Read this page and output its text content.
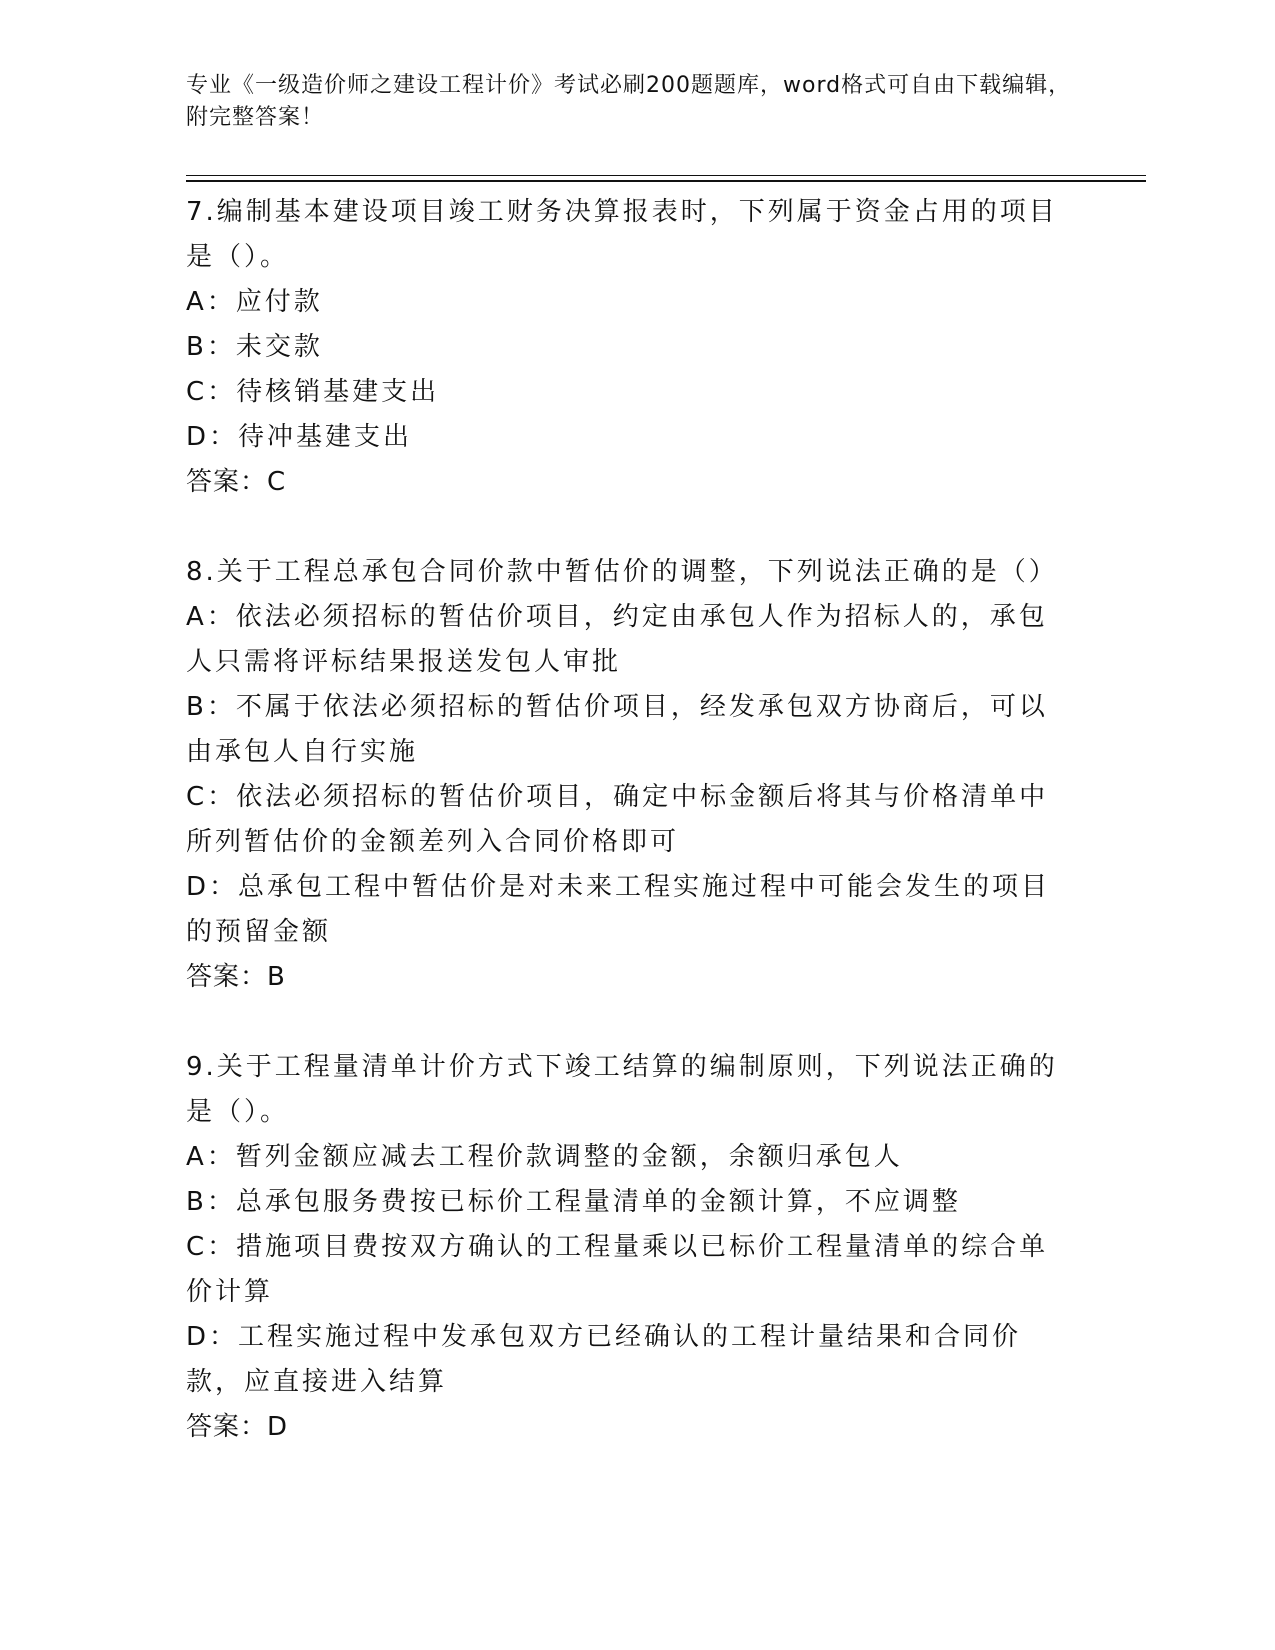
专业《一级造价师之建设工程计价》考试必刷200题题库，word格式可自由下载编辑，附完整答案！

7.编制基本建设项目竣工财务决算报表时，下列属于资金占用的项目是（）。

A：应付款

B：未交款

C：待核销基建支出

D：待冲基建支出

答案：C

8.关于工程总承包合同价款中暂估价的调整，下列说法正确的是（）

A：依法必须招标的暂估价项目，约定由承包人作为招标人的，承包人只需将评标结果报送发包人审批

B：不属于依法必须招标的暂估价项目，经发承包双方协商后，可以由承包人自行实施

C：依法必须招标的暂估价项目，确定中标金额后将其与价格清单中所列暂估价的金额差列入合同价格即可

D：总承包工程中暂估价是对未来工程实施过程中可能会发生的项目的预留金额

答案：B

9.关于工程量清单计价方式下竣工结算的编制原则，下列说法正确的是（）。

A：暂列金额应减去工程价款调整的金额，余额归承包人

B：总承包服务费按已标价工程量清单的金额计算，不应调整

C：措施项目费按双方确认的工程量乘以已标价工程量清单的综合单价计算

D：工程实施过程中发承包双方已经确认的工程计量结果和合同价款，应直接进入结算

答案：D
